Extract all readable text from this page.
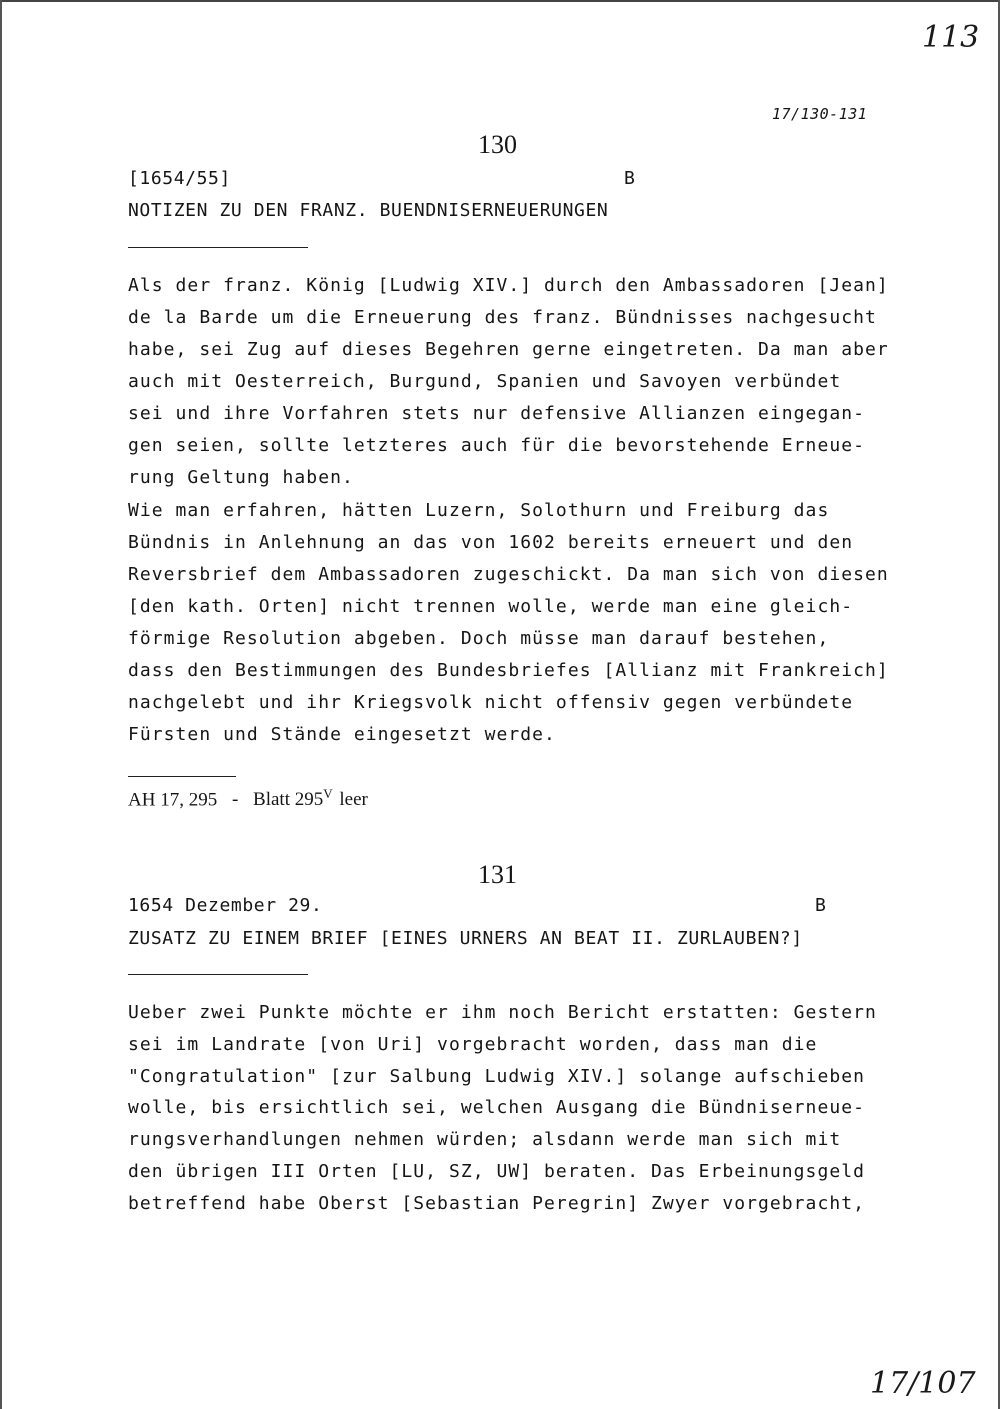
113
17/130-131
130
[1654/55]	B
NOTIZEN ZU DEN FRANZ. BUENDNISERNEUERUNGEN
Als der franz. König [Ludwig XIV.] durch den Ambassadoren [Jean]
de la Barde um die Erneuerung des franz. Bündnisses nachgesucht
habe, sei Zug auf dieses Begehren gerne eingetreten. Da man aber
auch mit Oesterreich, Burgund, Spanien und Savoyen verbündet
sei und ihre Vorfahren stets nur defensive Allianzen eingegan-
gen seien, sollte letzteres auch für die bevorstehende Erneue-
rung Geltung haben.
Wie man erfahren, hätten Luzern, Solothurn und Freiburg das
Bündnis in Anlehnung an das von 1602 bereits erneuert und den
Reversbrief dem Ambassadoren zugeschickt. Da man sich von diesen
[den kath. Orten] nicht trennen wolle, werde man eine gleich-
förmige Resolution abgeben. Doch müsse man darauf bestehen,
dass den Bestimmungen des Bundesbriefes [Allianz mit Frankreich]
nachgelebt und ihr Kriegsvolk nicht offensiv gegen verbündete
Fürsten und Stände eingesetzt werde.
AH 17, 295 - Blatt $295^V$ leer
131
1654 Dezember 29.	B
ZUSATZ ZU EINEM BRIEF [EINES URNERS AN BEAT II. ZURLAUBEN?]
Ueber zwei Punkte möchte er ihm noch Bericht erstatten: Gestern
sei im Landrate [von Uri] vorgebracht worden, dass man die
"Congratulation" [zur Salbung Ludwig XIV.] solange aufschieben
wolle, bis ersichtlich sei, welchen Ausgang die Bündniserneue-
rungsverhandlungen nehmen würden; alsdann werde man sich mit
den übrigen III Orten [LU, SZ, UW] beraten. Das Erbeinungsgeld
betreffend habe Oberst [Sebastian Peregrin] Zwyer vorgebracht,
17/107
